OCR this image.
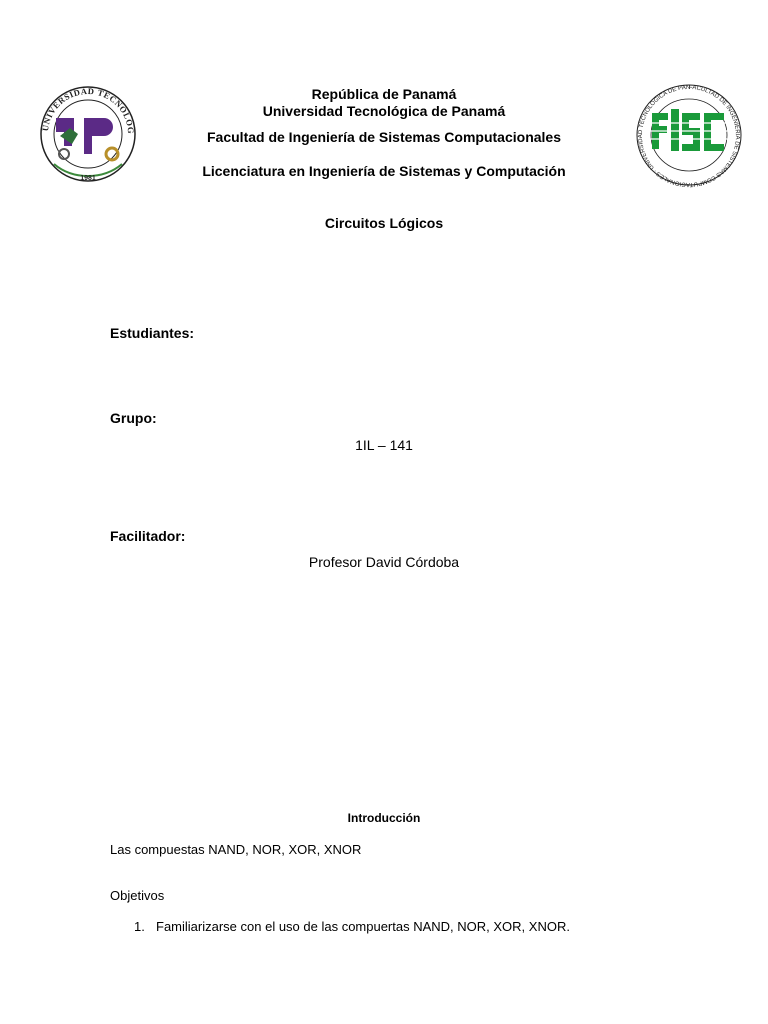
UNIVERSIDAD TECNOLOG
1981
FACULTAD DE INGENIERIA DE SISTEMAS COMPUTACIONALES · UNIVERSIDAD TECNOLOGICA DE PAN
República de Panamá
Universidad Tecnológica de Panamá
Facultad de Ingeniería de Sistemas Computacionales
Licenciatura en Ingeniería de Sistemas y Computación
Circuitos Lógicos
Estudiantes:
Grupo:
1IL – 141
Facilitador:
Profesor David Córdoba
Introducción
Las compuestas NAND, NOR, XOR, XNOR
Objetivos
1. Familiarizarse con el uso de las compuertas NAND, NOR, XOR, XNOR.
